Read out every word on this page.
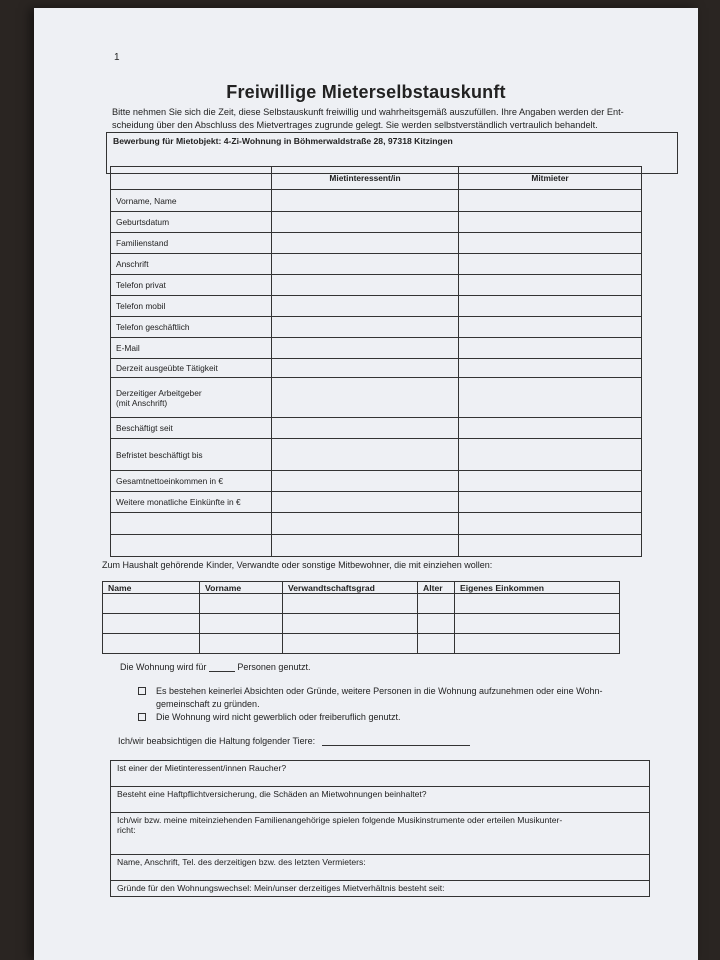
1
Freiwillige Mieterselbstauskunft
Bitte nehmen Sie sich die Zeit, diese Selbstauskunft freiwillig und wahrheitsgemäß auszufüllen. Ihre Angaben werden der Ent-
scheidung über den Abschluss des Mietvertrages zugrunde gelegt. Sie werden selbstverständlich vertraulich behandelt.
Bewerbung für Mietobjekt: 4-Zi-Wohnung in Böhmerwaldstraße 28, 97318 Kitzingen
	Mietinteressent/in	Mitmieter
Vorname, Name		
Geburtsdatum		
Familienstand		
Anschrift		
Telefon privat		
Telefon mobil		
Telefon geschäftlich		
E-Mail		
Derzeit ausgeübte Tätigkeit		
Derzeitiger Arbeitgeber
(mit Anschrift)		
Beschäftigt seit		
Befristet beschäftigt bis		
Gesamtnettoeinkommen in €		
Weitere monatliche Einkünfte in €		

Zum Haushalt gehörende Kinder, Verwandte oder sonstige Mitbewohner, die mit einziehen wollen:
Name	Vorname	Verwandtschaftsgrad	Alter	Eigenes Einkommen

Die Wohnung wird für	Personen genutzt.
Es bestehen keinerlei Absichten oder Gründe, weitere Personen in die Wohnung aufzunehmen oder eine Wohn-
gemeinschaft zu gründen.
Die Wohnung wird nicht gewerblich oder freiberuflich genutzt.
Ich/wir beabsichtigen die Haltung folgender Tiere:
Ist einer der Mietinteressent/innen Raucher?
Besteht eine Haftpflichtversicherung, die Schäden an Mietwohnungen beinhaltet?
Ich/wir bzw. meine miteinziehenden Familienangehörige spielen folgende Musikinstrumente oder erteilen Musikunter-
richt:
Name, Anschrift, Tel. des derzeitigen bzw. des letzten Vermieters:
Gründe für den Wohnungswechsel: Mein/unser derzeitiges Mietverhältnis besteht seit:
